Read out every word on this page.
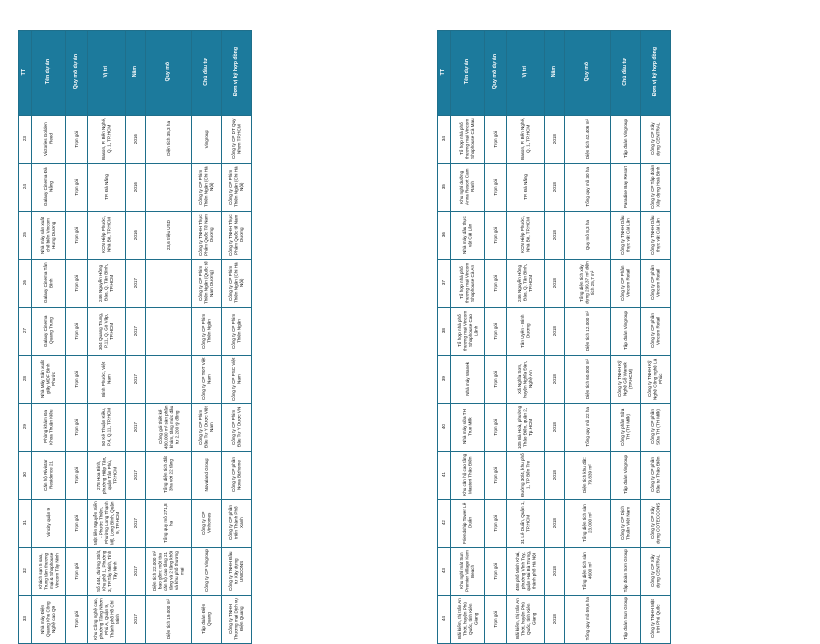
TT	Tên dự án	Quy mô dự án	Vị trí	Năm	Quy mô	Chủ đầu tư	Đơn vị ký hợp đồng
23	Victories Golden Reed	Trọn gói	Bason, P. Bến Nghé, Q. 1, TP.HCM	2016	Diện tích 35,3 ha	Vingroup	Công ty CP DT Quy Nhơn TP.HCM
24	Galaxy Cinema Đà Nẵng	Trọn gói	TP. Đà Nẵng	2016		Công ty CP Phim Thiên Ngân (Chi Hà Nội)	Công ty CP Phim Thiên Ngân (Chi Hà Nội)
25	Nhà máy sản xuất chế biến Vincom Hưng Dương	Trọn gói	KCN Hiệp Phước, Nhà Bè, TP.HCM	2016	23,6 triệu USD	Công ty TNHH Thực Phẩm Quốc Tế Nam Dương	Công ty TNHH Thực Phẩm Quốc tế Nam Dương
26	Galaxy Cinema Tân Bình	Trọn gói	246 Nguyễn Hồng Đào, Q. Tân Bình, TP.HCM	2017		Công ty CP Phim Thiên Ngân (Quốc tế Nam Dương)	Công ty CP Phim Thiên Ngân (Chi Hà Nội)
27	Galaxy Cinema Quang Trung	Trọn gói	304 Quang Trung, P.11, Q. Gò Vấp, TP.HCM	2017		Công ty CP Phim Thiên Ngân	Công ty CP Phim Thiên Ngân
28	Nhà Máy Sản xuất giấy MDF Bình Phước	Trọn gói	Bình Phước, Việt Nam	2017		Công ty CP TĐT Việt Nam	Công ty CP PSC Việt Nam
29	Phòng khám Đa Khoa Thuận Kiều	Trọn gói	50 Kê Thuận Kiều, P.4, Q.11, TP.HCM	2017	Công gói thiết kế 480.000 m² sàn phần khám, tăng mức đầu tư 2.200 tỷ đồng	Công ty CP Phim Đầu Tư Y Dược Việt Nam	Công ty CP Phim Đầu Tư Y Dược VN
30	Căn hộ Rivistar Residence 21	Trọn gói	278 Hoa Bình, phường Hiệp Tân, quận Tân Phú, TP.HCM	2017	Tổng diện tích đất 3ha với 22 tầng	Novaland Group	Công ty CP phần Nova Bizhome
31	Vincity quận 9	Trọn gói	Một liền Nguyễn Xiển - Phước Thiện, Phường Long Thạnh Mỹ, Long Bình, Quận 9, TP.HCM	2017	Tổng quy mô 271,8 ha	Công ty CP Vinhomes	Công ty CP phần triển Thành Phố Xanh
32	Khách sạn 5 sao, Trung tâm thương mại & Shophouse Vincom Tây Ninh	Trọn gói	Số 444, đường 30/4, Khu phố 1, Phường 3, TP.Tây Ninh, Tỉnh Tây Ninh	2017	Diện tích 22.000 m² bao gồm: một tòa căn hộ cao tầng 21 tầng và 2 tầng khối và khu phố thương mại	Công ty CP Vingroup	Công ty TNHH Đầu tư Xây dựng UNICONS
33	Nhà máy Điện Quang Khu Công Nghệ cao Q9	Trọn gói	Khu Công nghệ cao, phường Tăng Nhơn Phú A, Quận 9, Thành phố Hồ Chí Minh	2017	Diện tích 19.000 m²	Tập đoàn Điện Quang	Công ty TNHH Thương mại Dịch vụ Điện Quang
TT	Tên dự án	Quy mô dự án	Vị trí	Năm	Quy mô	Chủ đầu tư	Đơn vị ký hợp đồng
34	Tổ hợp nhà phố thương mại Vincom Shophouse Cà Mau	Trọn gói	Bason, P. Bến Nghé, Q. 1, TP.HCM	2018	Diện tích 42.406 m²	Tập đoàn Vingroup	Công ty CP Xây dựng CENTRAL
35	Khu nghỉ dưỡng Anna Resort Cam Ranh	Trọn gói	TP. Đà Nẵng	2018	Tổng quy mô 30 ha	Paradise Bay Resort	Công ty CP Tập đoàn Xây dựng Hoà Bình
36	Nhà máy dầu thực vật Cái Lân	Trọn gói	KCN Hiệp Phước, Nhà Bè, TP.HCM	2018	Quy mô 8,3 ha	Công ty TNHH Dầu thực vật Cái Lân	Công ty TNHH Dầu thực vật Cái Lân
37	Tổ hợp nhà phố thương mại Vincom Shophouse Cà An	Trọn gói	246 Nguyễn Hồng Đào, Q. Tân Bình, TP.HCM	2018	Tổng diện tích xây dựng 299,37 m² diện tích 25,7 m²	Công ty CP Phần Vincom Retail	Công ty CP phần Vincom Retail
38	Tổ hợp nhà phố thương mại Vincom Shophouse Cao Lãnh	Trọn gói	Tân Uyên - Bình Dương	2018	Diện tích 12.000 m²	Tập đoàn Vingroup	Công ty CP phần Vincom Retail
39	Nhà máy Wanek	Trọn gói	Xã Nghĩa Sơn, huyện Nghĩa Đàn, Nghệ An	2018	Diện tích 60.000 m²	Công ty TNHH Kỹ Nghệ Gỗ Wanek (TP.HCM)	Công ty TNHH Kỹ Nghệ Công nghệ Lá Phúc
40	Nhà máy sữa TH True Milk	Trọn gói	105 Bà Hoà, phường Thảo Điền, quận 2, Tp.HCM	2018	Tổng quy mô 22 ha	Công ty phần Sữa TH (TH Milk)	Công ty CP phần Sữa TH (TH Milk)
41	Khu căn hộ cao tầng Masteri Thảo Điền	Trọn gói	Đường 30/4, khu phố 1, TP Bến Tre	2018	Diện tích khu đất: 79.839 m²	Tập đoàn Vingroup	Công ty CP phần Đầu tư Thảo Điền
42	Friendship Tower Lê Duẩn	Trọn gói	31 Lê Duẩn, Quận 1, TP.HCM	2018	Tổng diện tích sàn 23.000 m²	Công ty CP Dịch Thuần Việt Nam	Công ty CP Xây dựng COTECCONS
43	Khu nghỉ mát Sun Premier Village Kem Beach	Trọn gói	458 phố Minh Khai, phường Vĩnh Tuy, quận Hai Bà Trưng, thành phố Hà Nội	2018	Tổng diện tích sàn 4600 m²	Tập đoàn Sơn Group	Công ty CP Xây dựng CENTRAL
44	Bãi kiểm, thị trấn An Thới, huyện Phú Quốc, tỉnh Kiên Giang	Trọn gói	Bãi kiểm, thị trấn An Thới, huyện Phú Quốc, tỉnh Kiên Giang	2018	Tổng quy mô 59,6 ha	Tập đoàn Sun Group	Công ty TNHH Mặt trời Phú Quốc
